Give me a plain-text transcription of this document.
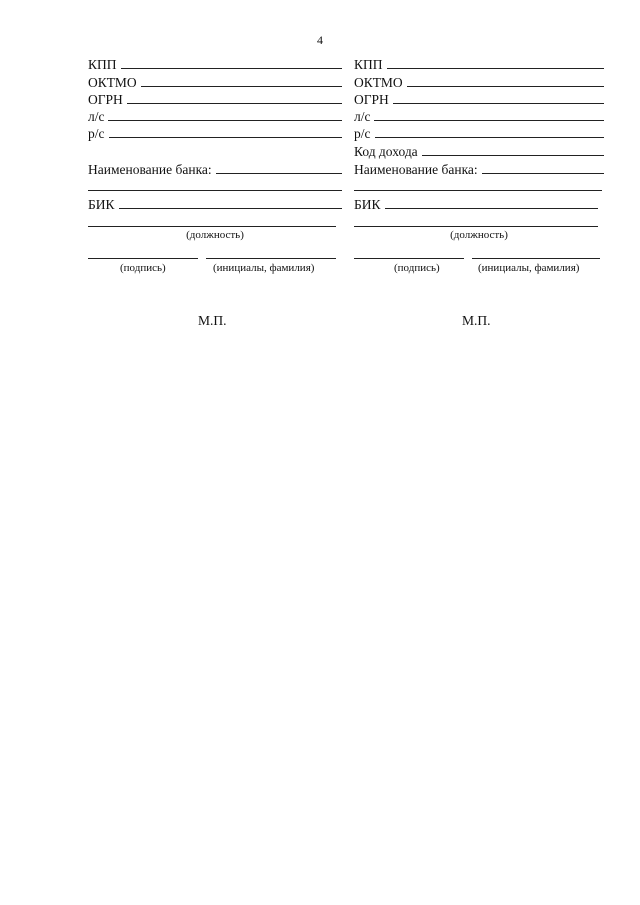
4
КПП
ОКТМО
ОГРН
л/с
р/с
Наименование банка:
БИК
(должность)
(подпись)	(инициалы, фамилия)
М.П.
КПП
ОКТМО
ОГРН
л/с
р/с
Код дохода
Наименование банка:
БИК
(должность)
(подпись)	(инициалы, фамилия)
М.П.
